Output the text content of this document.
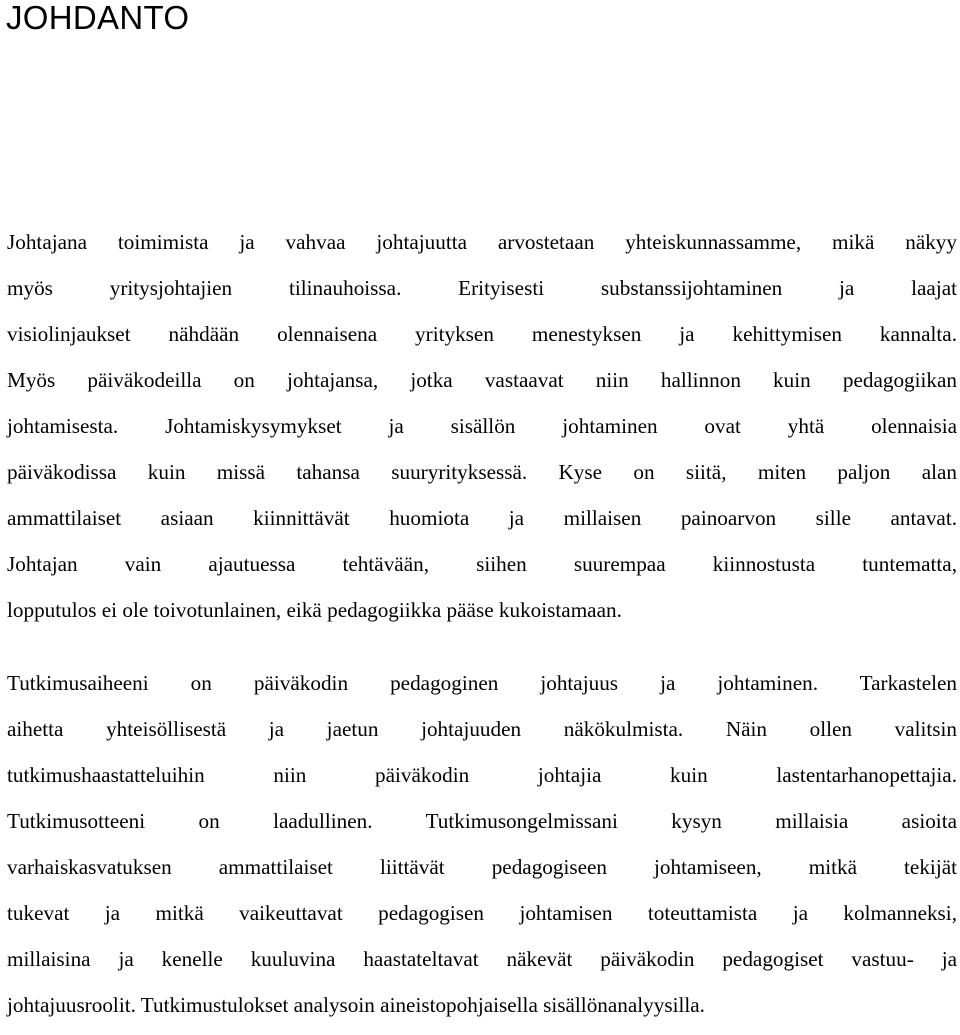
JOHDANTO
Johtajana toimimista ja vahvaa johtajuutta arvostetaan yhteiskunnassamme, mikä näkyy
myös yritysjohtajien tilinauhoissa. Erityisesti substanssijohtaminen ja laajat
visiolinjaukset nähdään olennaisena yrityksen menestyksen ja kehittymisen kannalta.
Myös päiväkodeilla on johtajansa, jotka vastaavat niin hallinnon kuin pedagogiikan
johtamisesta. Johtamiskysymykset ja sisällön johtaminen ovat yhtä olennaisia
päiväkodissa kuin missä tahansa suuryrityksessä. Kyse on siitä, miten paljon alan
ammattilaiset asiaan kiinnittävät huomiota ja millaisen painoarvon sille antavat.
Johtajan vain ajautuessa tehtävään, siihen suurempaa kiinnostusta tuntematta,
lopputulos ei ole toivotunlainen, eikä pedagogiikka pääse kukoistamaan.
Tutkimusaiheeni on päiväkodin pedagoginen johtajuus ja johtaminen. Tarkastelen
aihetta yhteisöllisestä ja jaetun johtajuuden näkökulmista. Näin ollen valitsin
tutkimushaastatteluihin niin päiväkodin johtajia kuin lastentarhanopettajia.
Tutkimusotteeni on laadullinen. Tutkimusongelmissani kysyn millaisia asioita
varhaiskasvatuksen ammattilaiset liittävät pedagogiseen johtamiseen, mitkä tekijät
tukevat ja mitkä vaikeuttavat pedagogisen johtamisen toteuttamista ja kolmanneksi,
millaisina ja kenelle kuuluvina haastateltavat näkevät päiväkodin pedagogiset vastuu- ja
johtajuusroolit. Tutkimustulokset analysoin aineistopohjaisella sisällönanalyysilla.
